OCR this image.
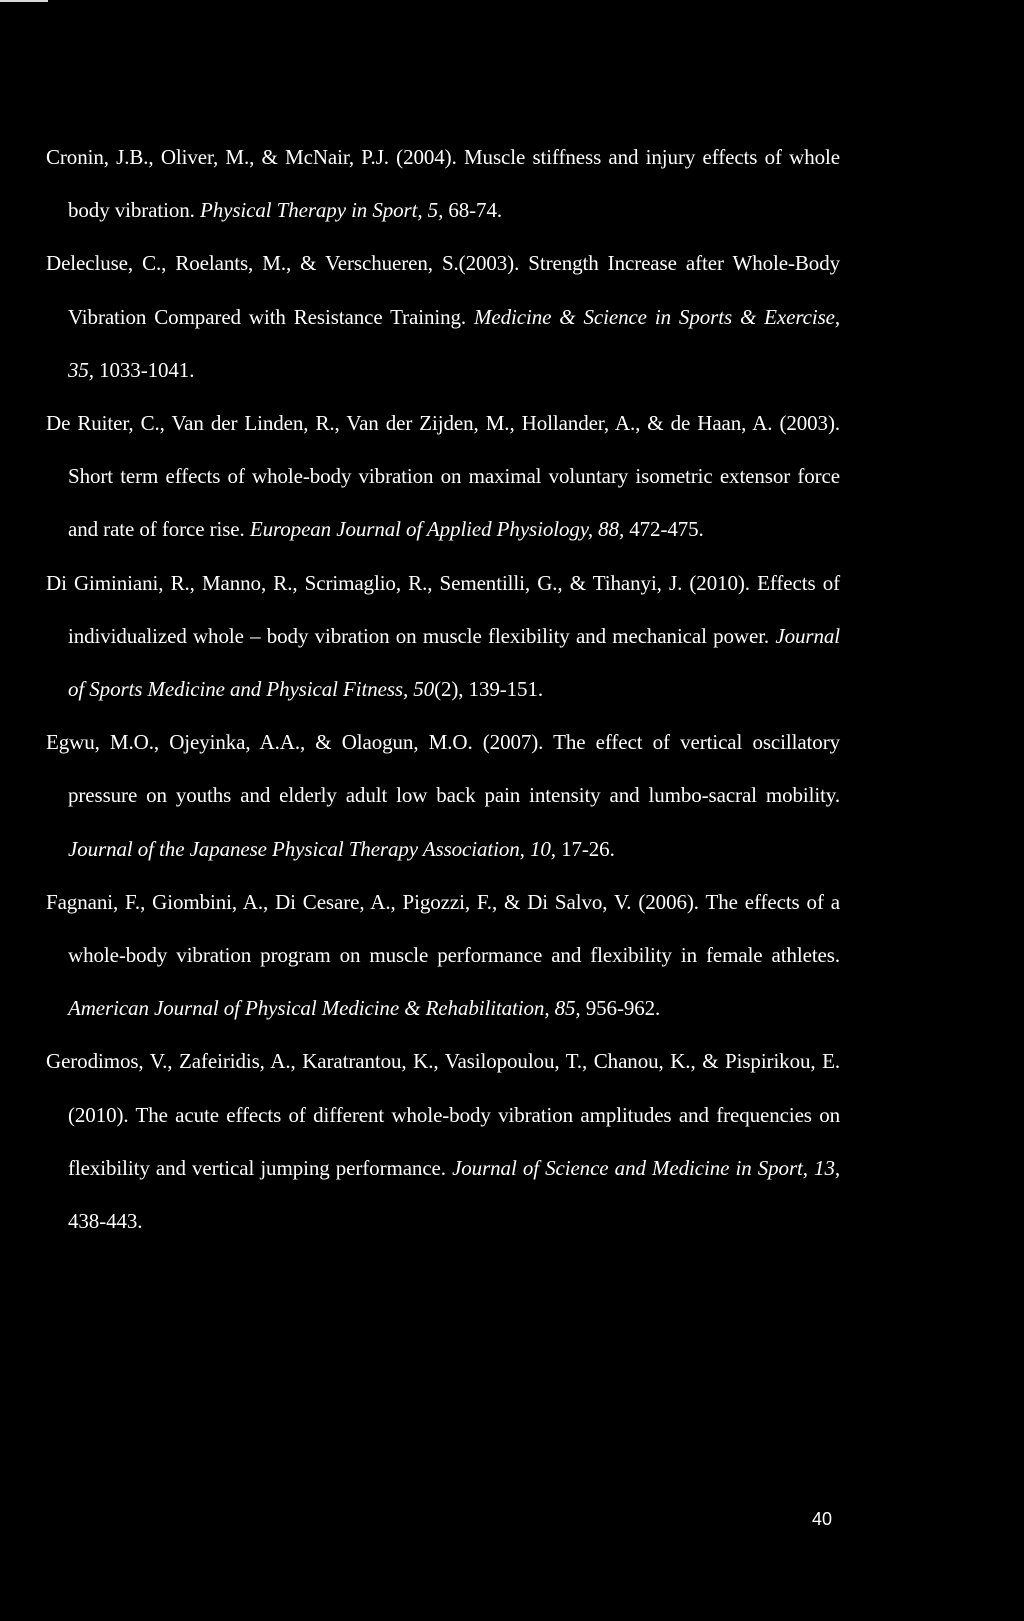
Cronin, J.B., Oliver, M., & McNair, P.J. (2004). Muscle stiffness and injury effects of whole body vibration. Physical Therapy in Sport, 5, 68-74.

Delecluse, C., Roelants, M., & Verschueren, S.(2003). Strength Increase after Whole-Body Vibration Compared with Resistance Training. Medicine & Science in Sports & Exercise, 35, 1033-1041.

De Ruiter, C., Van der Linden, R., Van der Zijden, M., Hollander, A., & de Haan, A. (2003). Short term effects of whole-body vibration on maximal voluntary isometric extensor force and rate of force rise. European Journal of Applied Physiology, 88, 472-475.

Di Giminiani, R., Manno, R., Scrimaglio, R., Sementilli, G., & Tihanyi, J. (2010). Effects of individualized whole – body vibration on muscle flexibility and mechanical power. Journal of Sports Medicine and Physical Fitness, 50(2), 139-151.

Egwu, M.O., Ojeyinka, A.A., & Olaogun, M.O. (2007). The effect of vertical oscillatory pressure on youths and elderly adult low back pain intensity and lumbo-sacral mobility. Journal of the Japanese Physical Therapy Association, 10, 17-26.

Fagnani, F., Giombini, A., Di Cesare, A., Pigozzi, F., & Di Salvo, V. (2006). The effects of a whole-body vibration program on muscle performance and flexibility in female athletes. American Journal of Physical Medicine & Rehabilitation, 85, 956-962.

Gerodimos, V., Zafeiridis, A., Karatrantou, K., Vasilopoulou, T., Chanou, K., & Pispirikou, E. (2010). The acute effects of different whole-body vibration amplitudes and frequencies on flexibility and vertical jumping performance. Journal of Science and Medicine in Sport, 13, 438-443.

40
